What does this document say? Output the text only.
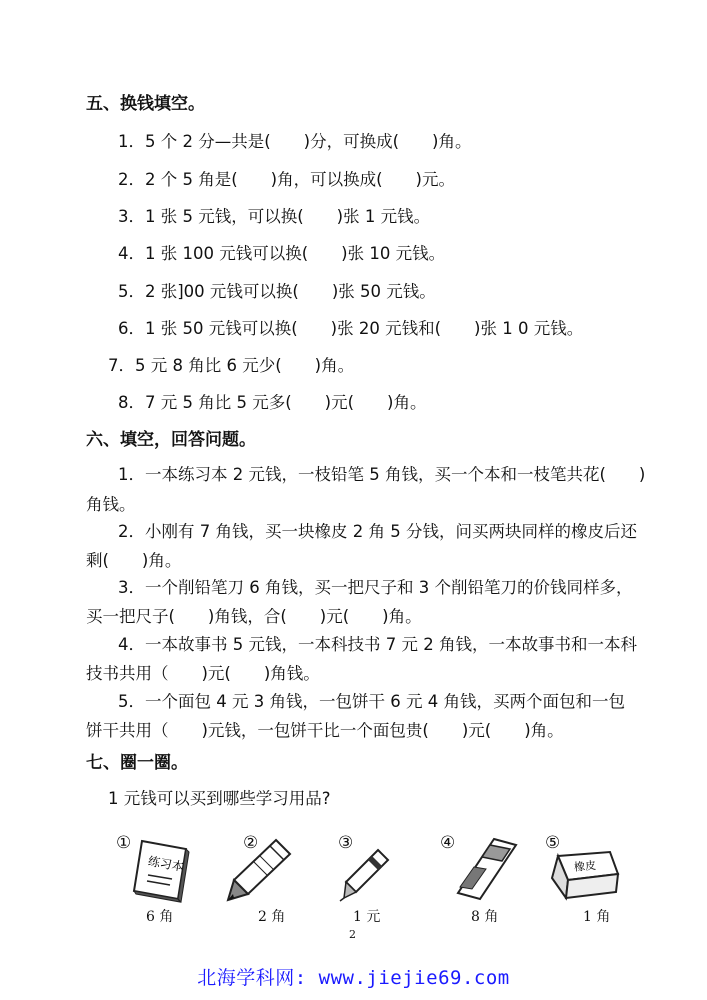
五、换钱填空。
1．5 个 2 分—共是(　　)分，可换成(　　)角。
2．2 个 5 角是(　　)角，可以换成(　　)元。
3．1 张 5 元钱，可以换(　　)张 1 元钱。
4．1 张 100 元钱可以换(　　)张 10 元钱。
5．2 张]00 元钱可以换(　　)张 50 元钱。
6．1 张 50 元钱可以换(　　)张 20 元钱和(　　)张 1 0 元钱。
7．5 元 8 角比 6 元少(　　)角。
8．7 元 5 角比 5 元多(　　)元(　　)角。
六、填空，回答问题。
1．一本练习本 2 元钱，一枝铅笔 5 角钱，买一个本和一枝笔共花(　　)
角钱。
2．小刚有 7 角钱，买一块橡皮 2 角 5 分钱，问买两块同样的橡皮后还
剩(　　)角。
3．一个削铅笔刀 6 角钱，买一把尺子和 3 个削铅笔刀的价钱同样多，
买一把尺子(　　)角钱，合(　　)元(　　)角。
4．一本故事书 5 元钱，一本科技书 7 元 2 角钱，一本故事书和一本科
技书共用（　　)元(　　)角钱。
5．一个面包 4 元 3 角钱，一包饼干 6 元 4 角钱，买两个面包和一包
饼干共用（　　)元钱，一包饼干比一个面包贵(　　)元(　　)角。
七、圈一圈。
1 元钱可以买到哪些学习用品?
①
练习本
6 角
②
2 角
③
1 元
④
8 角
⑤
橡皮
1 角
2
北海学科网: www.jiejie69.com
